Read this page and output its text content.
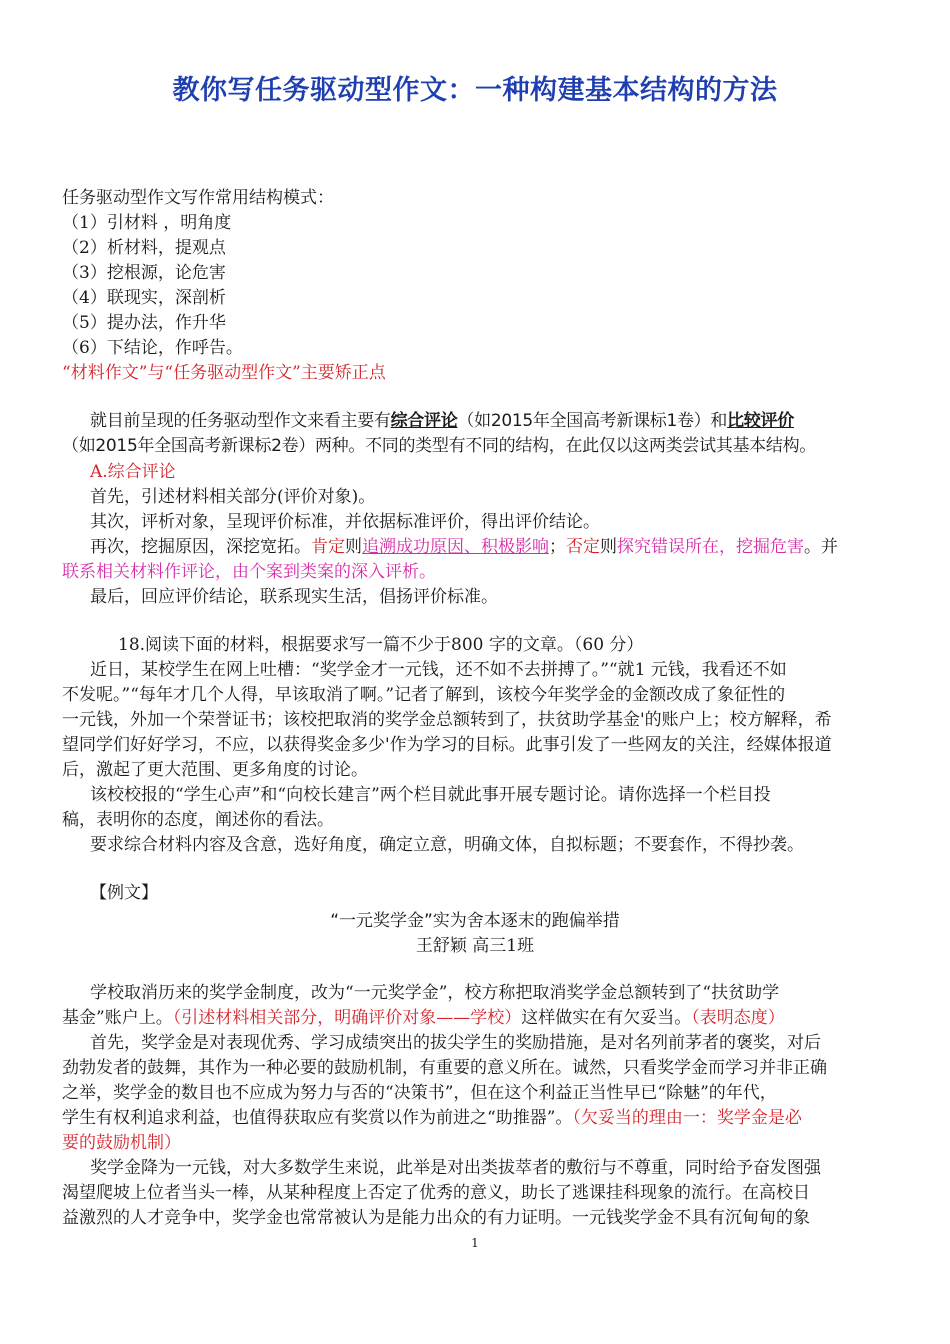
教你写任务驱动型作文：一种构建基本结构的方法
任务驱动型作文写作常用结构模式：
（1）引材料 ，明角度
（2）析材料，提观点
（3）挖根源，论危害
（4）联现实，深剖析
（5）提办法，作升华
（6）下结论，作呼告。
“材料作文”与“任务驱动型作文”主要矫正点
就目前呈现的任务驱动型作文来看主要有综合评论（如2015年全国高考新课标1卷）和比较评价
（如2015年全国高考新课标2卷）两种。不同的类型有不同的结构，在此仅以这两类尝试其基本结构。
A.综合评论
首先，引述材料相关部分(评价对象)。
其次，评析对象，呈现评价标准，并依据标准评价，得出评价结论。
再次，挖掘原因，深挖宽拓。肯定则追溯成功原因、积极影响；否定则探究错误所在，挖掘危害。并
联系相关材料作评论，由个案到类案的深入评析。
最后，回应评价结论，联系现实生活，倡扬评价标准。
18.阅读下面的材料，根据要求写一篇不少于800 字的文章。（60 分）
近日，某校学生在网上吐槽：“奖学金才一元钱，还不如不去拼搏了。”“就1 元钱，我看还不如
不发呢。”“每年才几个人得，早该取消了啊。”记者了解到，该校今年奖学金的金额改成了象征性的
一元钱，外加一个荣誉证书；该校把取消的奖学金总额转到了，扶贫助学基金'的账户上；校方解释，希
望同学们好好学习，不应，以获得奖金多少'作为学习的目标。此事引发了一些网友的关注，经媒体报道
后，激起了更大范围、更多角度的讨论。
该校校报的“学生心声”和“向校长建言”两个栏目就此事开展专题讨论。请你选择一个栏目投
稿，表明你的态度，阐述你的看法。
要求综合材料内容及含意，选好角度，确定立意，明确文体，自拟标题；不要套作，不得抄袭。
【例文】
“一元奖学金”实为舍本逐末的跑偏举措
王舒颖 高三1班
学校取消历来的奖学金制度，改为“一元奖学金”，校方称把取消奖学金总额转到了“扶贫助学
基金”账户上。（引述材料相关部分，明确评价对象——学校）这样做实在有欠妥当。（表明态度）
首先，奖学金是对表现优秀、学习成绩突出的拔尖学生的奖励措施，是对名列前茅者的褒奖，对后
劲勃发者的鼓舞，其作为一种必要的鼓励机制，有重要的意义所在。诚然，只看奖学金而学习并非正确
之举，奖学金的数目也不应成为努力与否的“决策书”，但在这个利益正当性早已“除魅”的年代，
学生有权利追求利益，也值得获取应有奖赏以作为前进之“助推器”。（欠妥当的理由一：奖学金是必
要的鼓励机制）
奖学金降为一元钱，对大多数学生来说，此举是对出类拔萃者的敷衍与不尊重，同时给予奋发图强
渴望爬坡上位者当头一棒，从某种程度上否定了优秀的意义，助长了逃课挂科现象的流行。在高校日
益激烈的人才竞争中，奖学金也常常被认为是能力出众的有力证明。一元钱奖学金不具有沉甸甸的象
1
